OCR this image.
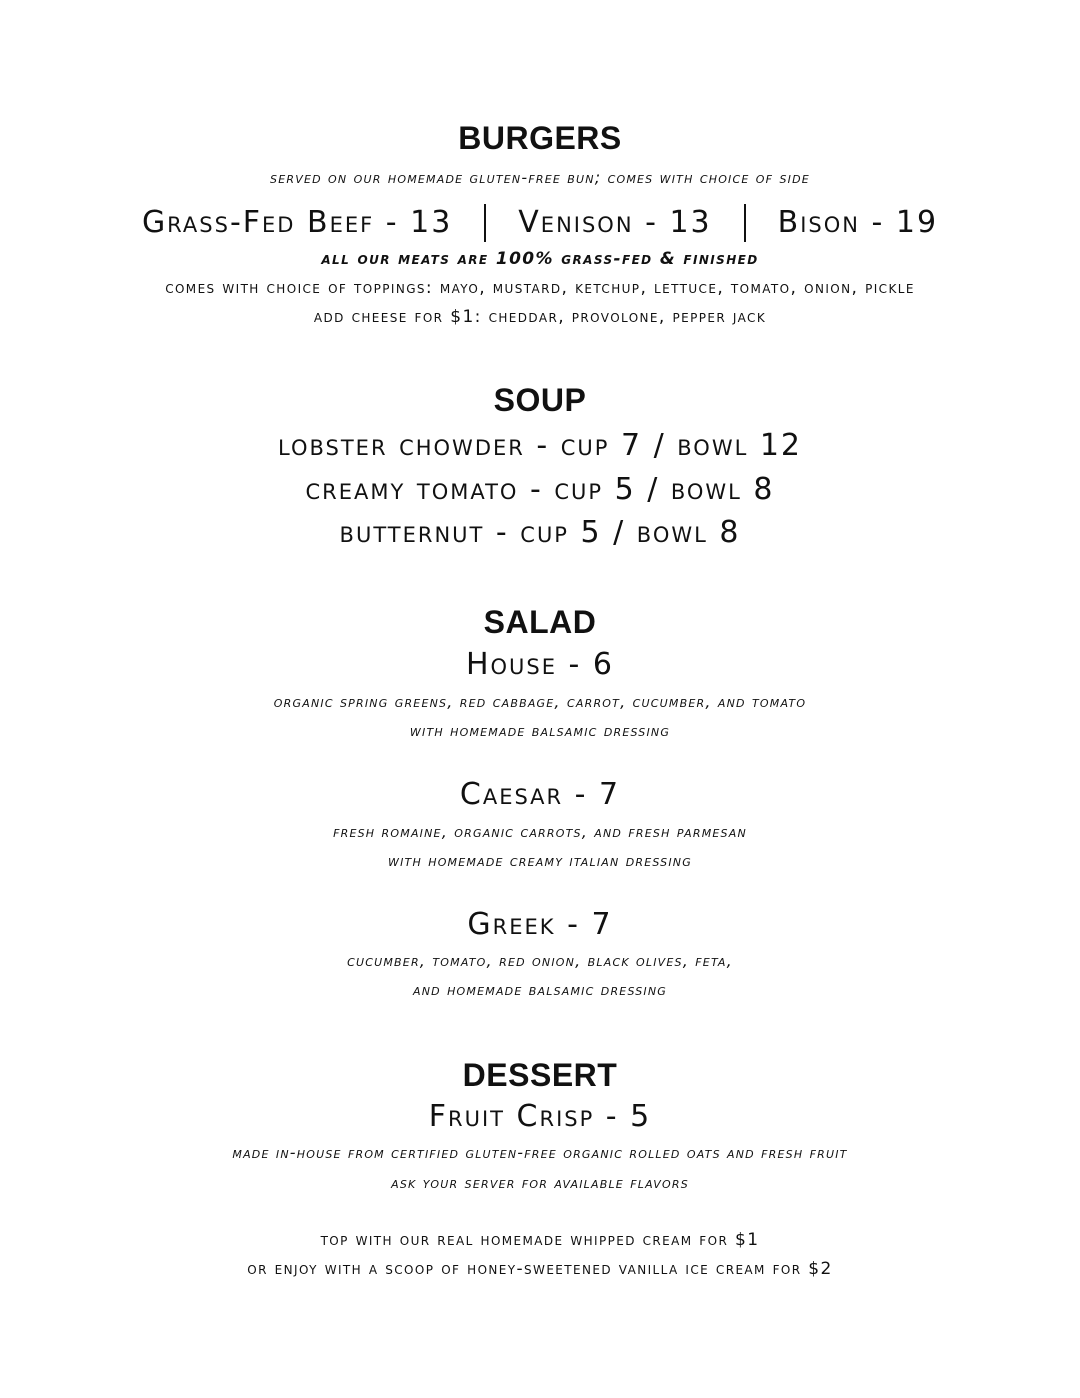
BURGERS

served on our homemade gluten-free bun; comes with choice of side

Grass-Fed Beef - 13 Venison - 13 Bison - 19

all our meats are 100% grass-fed & finished

comes with choice of toppings: mayo, mustard, ketchup, lettuce, tomato, onion, pickle

add cheese for $1: cheddar, provolone, pepper jack

SOUP

lobster chowder - cup 7 / bowl 12

creamy tomato - cup 5 / bowl 8

butternut - cup 5 / bowl 8

SALAD

House - 6

organic spring greens, red cabbage, carrot, cucumber, and tomato

with homemade balsamic dressing

Caesar - 7

fresh romaine, organic carrots, and fresh parmesan

with homemade creamy italian dressing

Greek - 7

cucumber, tomato, red onion, black olives, feta,

and homemade balsamic dressing

DESSERT

Fruit Crisp - 5

made in-house from certified gluten-free organic rolled oats and fresh fruit

ask your server for available flavors

top with our real homemade whipped cream for $1

or enjoy with a scoop of honey-sweetened vanilla ice cream for $2
